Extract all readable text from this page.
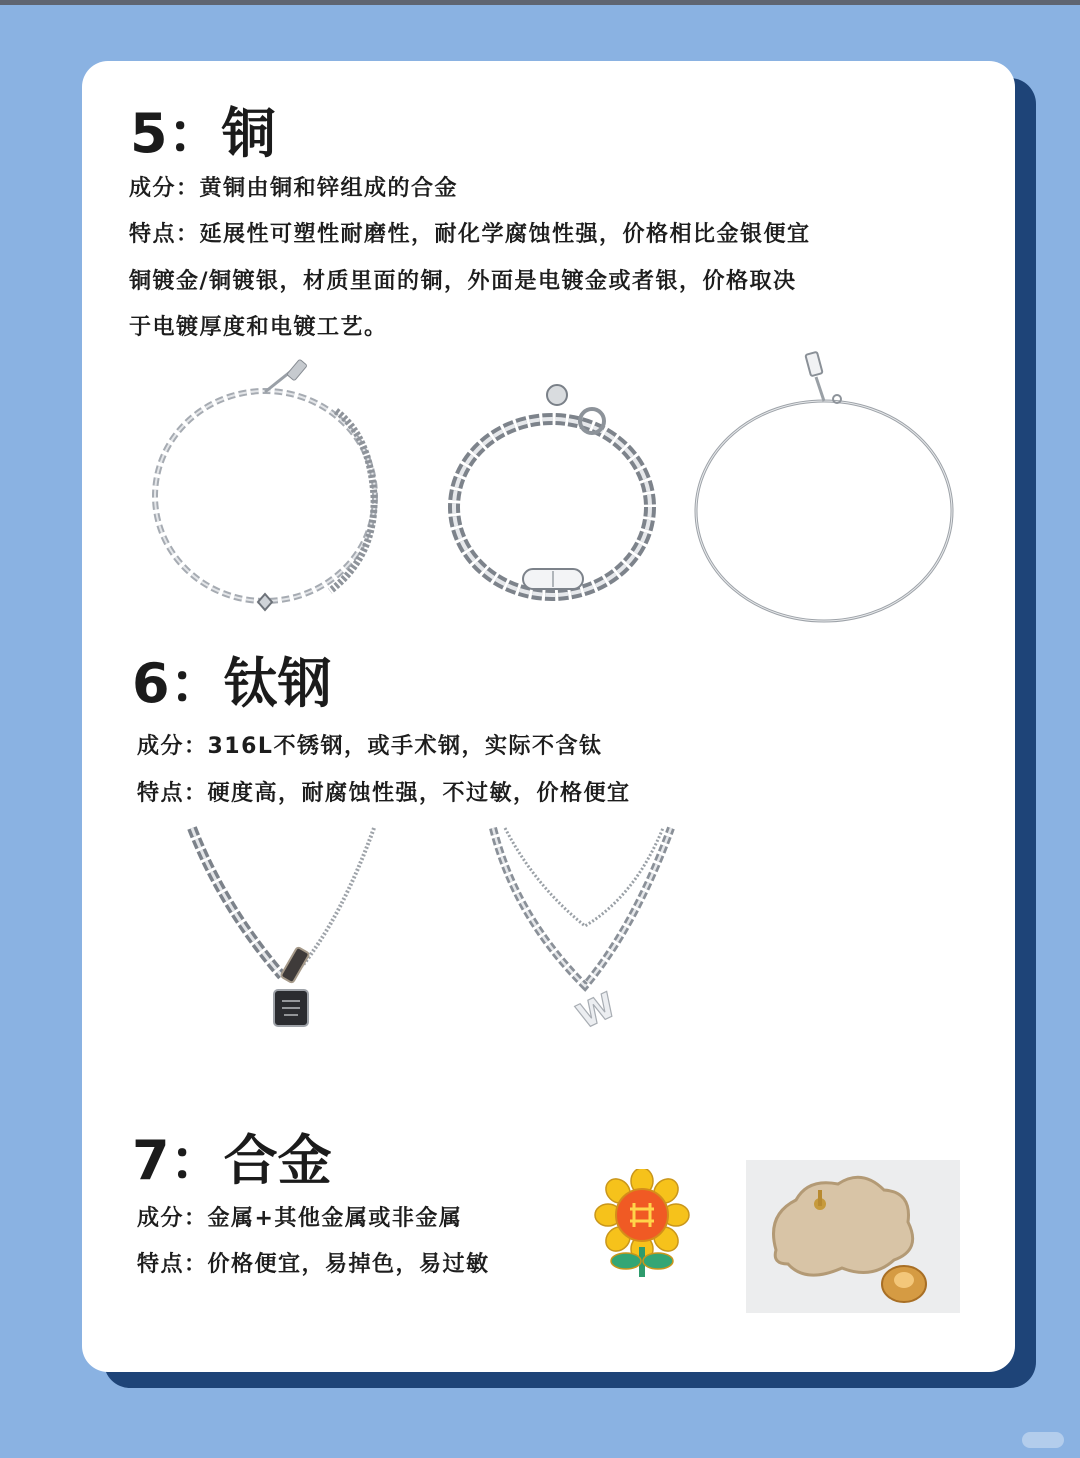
5：铜

成分：黄铜由铜和锌组成的合金

特点：延展性可塑性耐磨性，耐化学腐蚀性强，价格相比金银便宜

铜镀金/铜镀银，材质里面的铜，外面是电镀金或者银，价格取决

于电镀厚度和电镀工艺。

6：钛钢

成分：316L不锈钢，或手术钢，实际不含钛

特点：硬度高，耐腐蚀性强，不过敏，价格便宜

W
7：合金

成分：金属+其他金属或非金属

特点：价格便宜，易掉色，易过敏
